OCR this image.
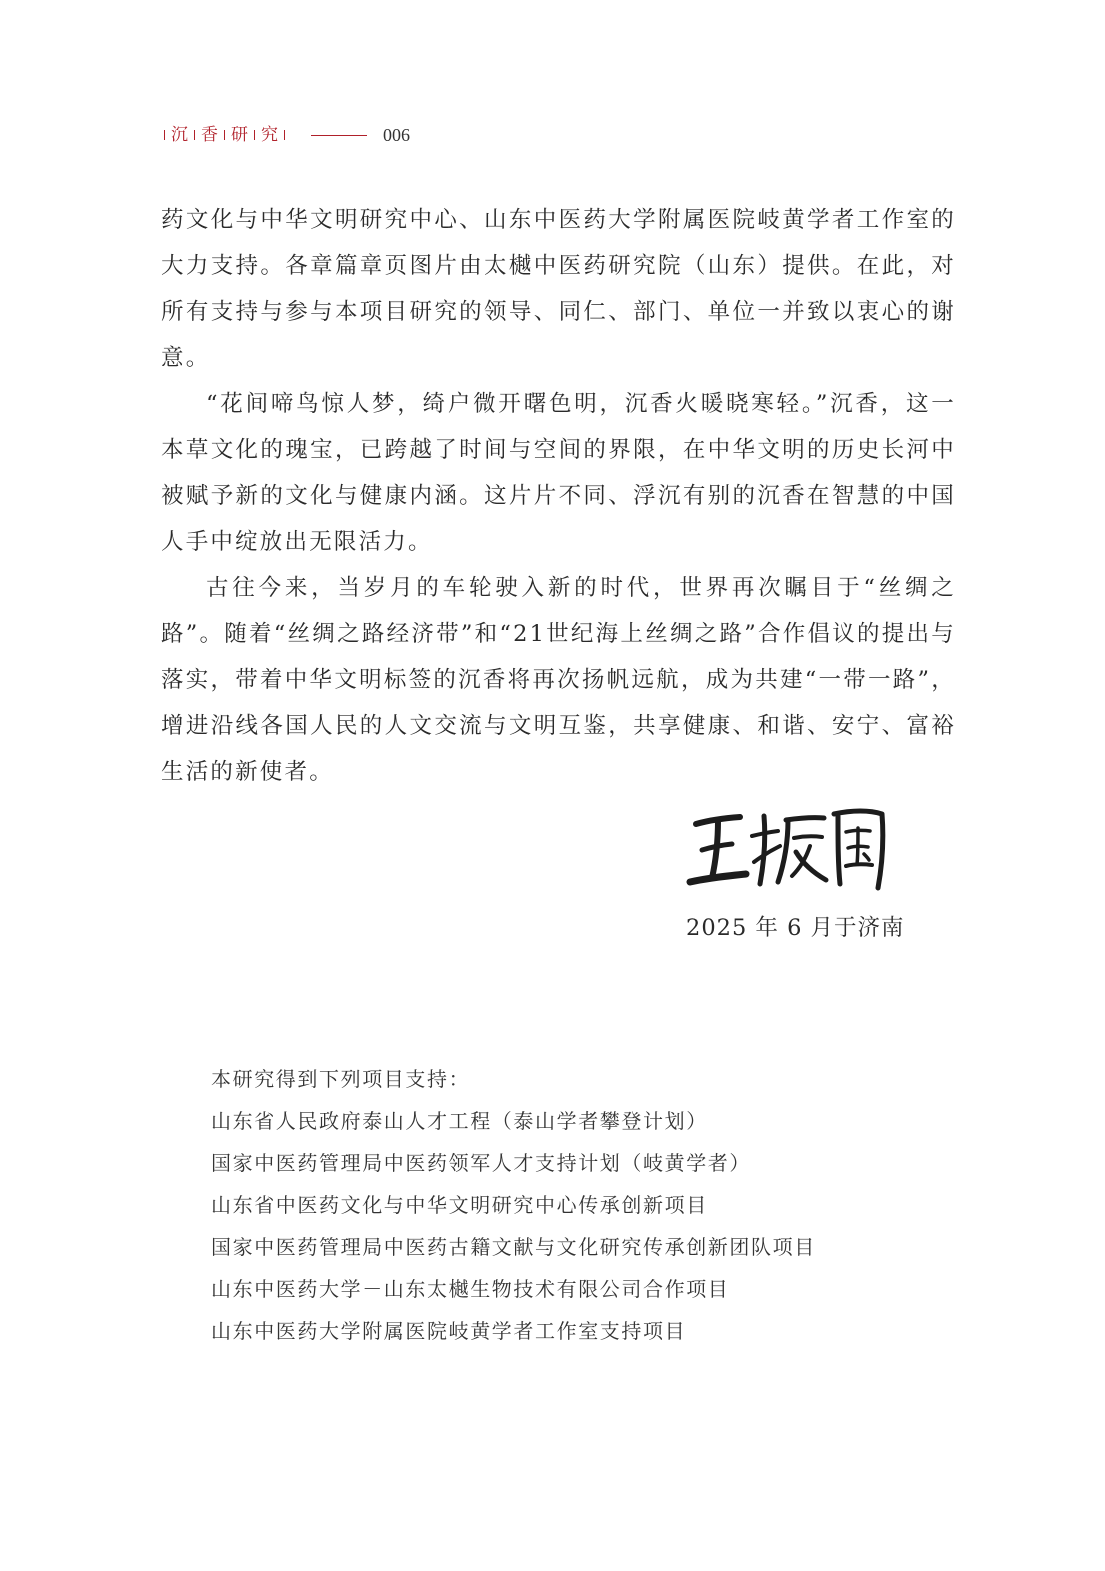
沉 香 研 究	006

药文化与中华文明研究中心、山东中医药大学附属医院岐黄学者工作室的大力支持。各章篇章页图片由太樾中医药研究院（山东）提供。在此，对所有支持与参与本项目研究的领导、同仁、部门、单位一并致以衷心的谢意。

“花间啼鸟惊人梦，绮户微开曙色明，沉香火暖晓寒轻。”沉香，这一本草文化的瑰宝，已跨越了时间与空间的界限，在中华文明的历史长河中被赋予新的文化与健康内涵。这片片不同、浮沉有别的沉香在智慧的中国人手中绽放出无限活力。

古往今来，当岁月的车轮驶入新的时代，世界再次瞩目于“丝绸之路”。随着“丝绸之路经济带”和“21世纪海上丝绸之路”合作倡议的提出与落实，带着中华文明标签的沉香将再次扬帆远航，成为共建“一带一路”，增进沿线各国人民的人文交流与文明互鉴，共享健康、和谐、安宁、富裕生活的新使者。

2025 年 6 月于济南
本研究得到下列项目支持：
山东省人民政府泰山人才工程（泰山学者攀登计划）
国家中医药管理局中医药领军人才支持计划（岐黄学者）
山东省中医药文化与中华文明研究中心传承创新项目
国家中医药管理局中医药古籍文献与文化研究传承创新团队项目
山东中医药大学－山东太樾生物技术有限公司合作项目
山东中医药大学附属医院岐黄学者工作室支持项目
